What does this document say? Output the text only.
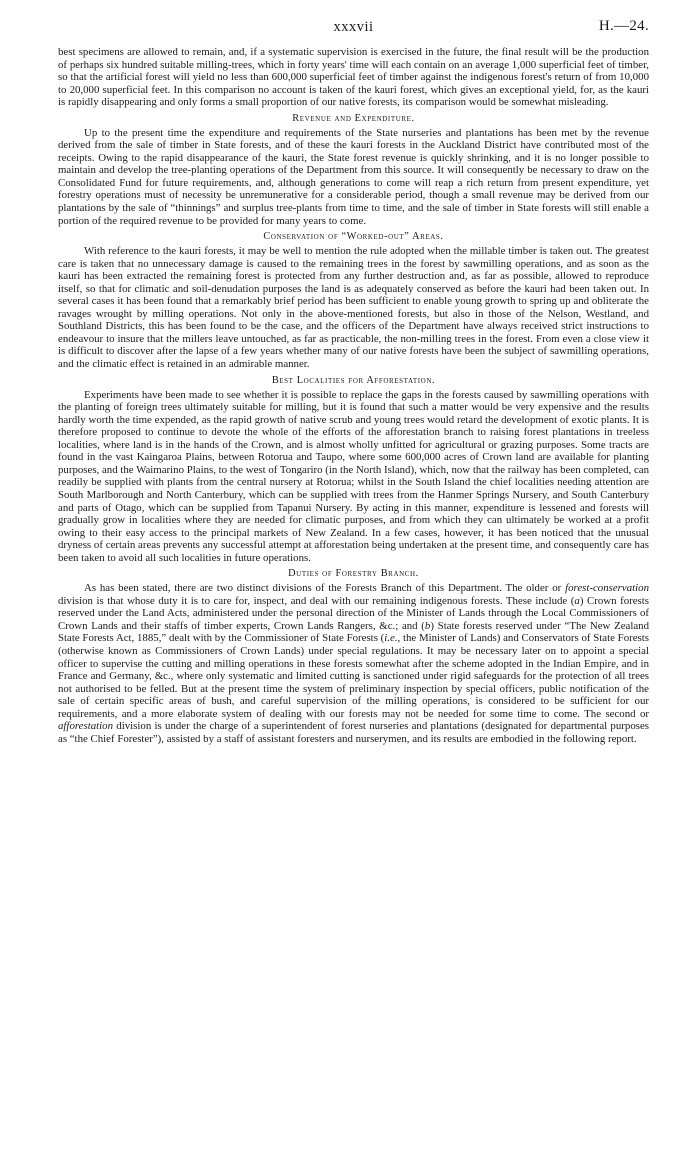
xxxvii	H.—24.

best specimens are allowed to remain, and, if a systematic supervision is exercised in the future, the final result will be the production of perhaps six hundred suitable milling-trees, which in forty years' time will each contain on an average 1,000 superficial feet of timber, so that the artificial forest will yield no less than 600,000 superficial feet of timber against the indigenous forest's return of from 10,000 to 20,000 superficial feet. In this comparison no account is taken of the kauri forest, which gives an exceptional yield, for, as the kauri is rapidly disappearing and only forms a small proportion of our native forests, its comparison would be somewhat misleading.

Revenue and Expenditure.

Up to the present time the expenditure and requirements of the State nurseries and plantations has been met by the revenue derived from the sale of timber in State forests, and of these the kauri forests in the Auckland District have contributed most of the receipts. Owing to the rapid disappearance of the kauri, the State forest revenue is quickly shrinking, and it is no longer possible to maintain and develop the tree-planting operations of the Department from this source. It will consequently be necessary to draw on the Consolidated Fund for future requirements, and, although generations to come will reap a rich return from present expenditure, yet forestry operations must of necessity be unremunerative for a considerable period, though a small revenue may be derived from our plantations by the sale of “thinnings” and surplus tree-plants from time to time, and the sale of timber in State forests will still enable a portion of the required revenue to be provided for many years to come.

Conservation of “Worked-out” Areas.

With reference to the kauri forests, it may be well to mention the rule adopted when the millable timber is taken out. The greatest care is taken that no unnecessary damage is caused to the remaining trees in the forest by sawmilling operations, and as soon as the kauri has been extracted the remaining forest is protected from any further destruction and, as far as possible, allowed to reproduce itself, so that for climatic and soil-denudation purposes the land is as adequately conserved as before the kauri had been taken out. In several cases it has been found that a remarkably brief period has been sufficient to enable young growth to spring up and obliterate the ravages wrought by milling operations. Not only in the above-mentioned forests, but also in those of the Nelson, Westland, and Southland Districts, this has been found to be the case, and the officers of the Department have always received strict instructions to endeavour to insure that the millers leave untouched, as far as practicable, the non-milling trees in the forest. From even a close view it is difficult to discover after the lapse of a few years whether many of our native forests have been the subject of sawmilling operations, and the climatic effect is retained in an admirable manner.

Best Localities for Afforestation.

Experiments have been made to see whether it is possible to replace the gaps in the forests caused by sawmilling operations with the planting of foreign trees ultimately suitable for milling, but it is found that such a matter would be very expensive and the results hardly worth the time expended, as the rapid growth of native scrub and young trees would retard the development of exotic plants. It is therefore proposed to continue to devote the whole of the efforts of the afforestation branch to raising forest plantations in treeless localities, where land is in the hands of the Crown, and is almost wholly unfitted for agricultural or grazing purposes. Some tracts are found in the vast Kaingaroa Plains, between Rotorua and Taupo, where some 600,000 acres of Crown land are available for planting purposes, and the Waimarino Plains, to the west of Tongariro (in the North Island), which, now that the railway has been completed, can readily be supplied with plants from the central nursery at Rotorua; whilst in the South Island the chief localities needing attention are South Marlborough and North Canterbury, which can be supplied with trees from the Hanmer Springs Nursery, and South Canterbury and parts of Otago, which can be supplied from Tapanui Nursery. By acting in this manner, expenditure is lessened and forests will gradually grow in localities where they are needed for climatic purposes, and from which they can ultimately be worked at a profit owing to their easy access to the principal markets of New Zealand. In a few cases, however, it has been noticed that the unusual dryness of certain areas prevents any successful attempt at afforestation being undertaken at the present time, and consequently care has been taken to avoid all such localities in future operations.

Duties of Forestry Branch.

As has been stated, there are two distinct divisions of the Forests Branch of this Department. The older or forest-conservation division is that whose duty it is to care for, inspect, and deal with our remaining indigenous forests. These include (a) Crown forests reserved under the Land Acts, administered under the personal direction of the Minister of Lands through the Local Commissioners of Crown Lands and their staffs of timber experts, Crown Lands Rangers, &c.; and (b) State forests reserved under “The New Zealand State Forests Act, 1885,” dealt with by the Commissioner of State Forests (i.e., the Minister of Lands) and Conservators of State Forests (otherwise known as Commissioners of Crown Lands) under special regulations. It may be necessary later on to appoint a special officer to supervise the cutting and milling operations in these forests somewhat after the scheme adopted in the Indian Empire, and in France and Germany, &c., where only systematic and limited cutting is sanctioned under rigid safeguards for the protection of all trees not authorised to be felled. But at the present time the system of preliminary inspection by special officers, public notification of the sale of certain specific areas of bush, and careful supervision of the milling operations, is considered to be sufficient for our requirements, and a more elaborate system of dealing with our forests may not be needed for some time to come. The second or afforestation division is under the charge of a superintendent of forest nurseries and plantations (designated for departmental purposes as “the Chief Forester”), assisted by a staff of assistant foresters and nurserymen, and its results are embodied in the following report.
